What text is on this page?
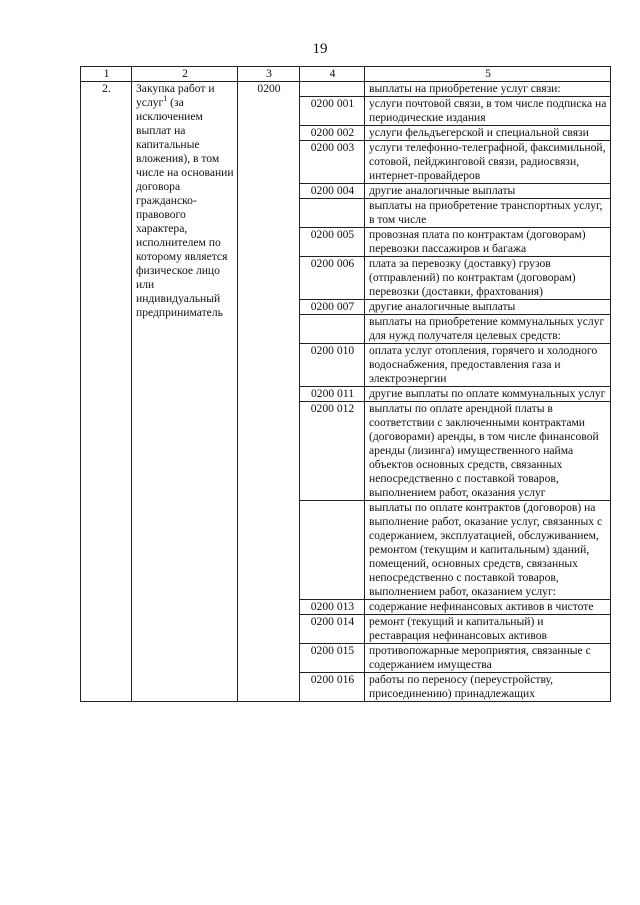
19
1	2	3	4	5
2.	Закупка работ и услуг$^1$ (за исключением выплат на капитальные вложения), в том числе на основании договора гражданско-правового характера, исполнителем по которому является физическое лицо или индивидуальный предприниматель	0200		выплаты на приобретение услуг связи:
			0200 001	услуги почтовой связи, в том числе подписка на периодические издания
			0200 002	услуги фельдъегерской и специальной связи
			0200 003	услуги телефонно-телеграфной, факсимильной, сотовой, пейджинговой связи, радиосвязи, интернет-провайдеров
			0200 004	другие аналогичные выплаты
				выплаты на приобретение транспортных услуг, в том числе
			0200 005	провозная плата по контрактам (договорам) перевозки пассажиров и багажа
			0200 006	плата за перевозку (доставку) грузов (отправлений) по контрактам (договорам) перевозки (доставки, фрахтования)
			0200 007	другие аналогичные выплаты
				выплаты на приобретение коммунальных услуг для нужд получателя целевых средств:
			0200 010	оплата услуг отопления, горячего и холодного водоснабжения, предоставления газа и электроэнергии
			0200 011	другие выплаты по оплате коммунальных услуг
			0200 012	выплаты по оплате арендной платы в соответствии с заключенными контрактами (договорами) аренды, в том числе финансовой аренды (лизинга) имущественного найма объектов основных средств, связанных непосредственно с поставкой товаров, выполнением работ, оказания услуг
				выплаты по оплате контрактов (договоров) на выполнение работ, оказание услуг, связанных с содержанием, эксплуатацией, обслуживанием, ремонтом (текущим и капитальным) зданий, помещений, основных средств, связанных непосредственно с поставкой товаров, выполнением работ, оказанием услуг:
			0200 013	содержание нефинансовых активов в чистоте
			0200 014	ремонт (текущий и капитальный) и реставрация нефинансовых активов
			0200 015	противопожарные мероприятия, связанные с содержанием имущества
			0200 016	работы по переносу (переустройству, присоединению) принадлежащих
